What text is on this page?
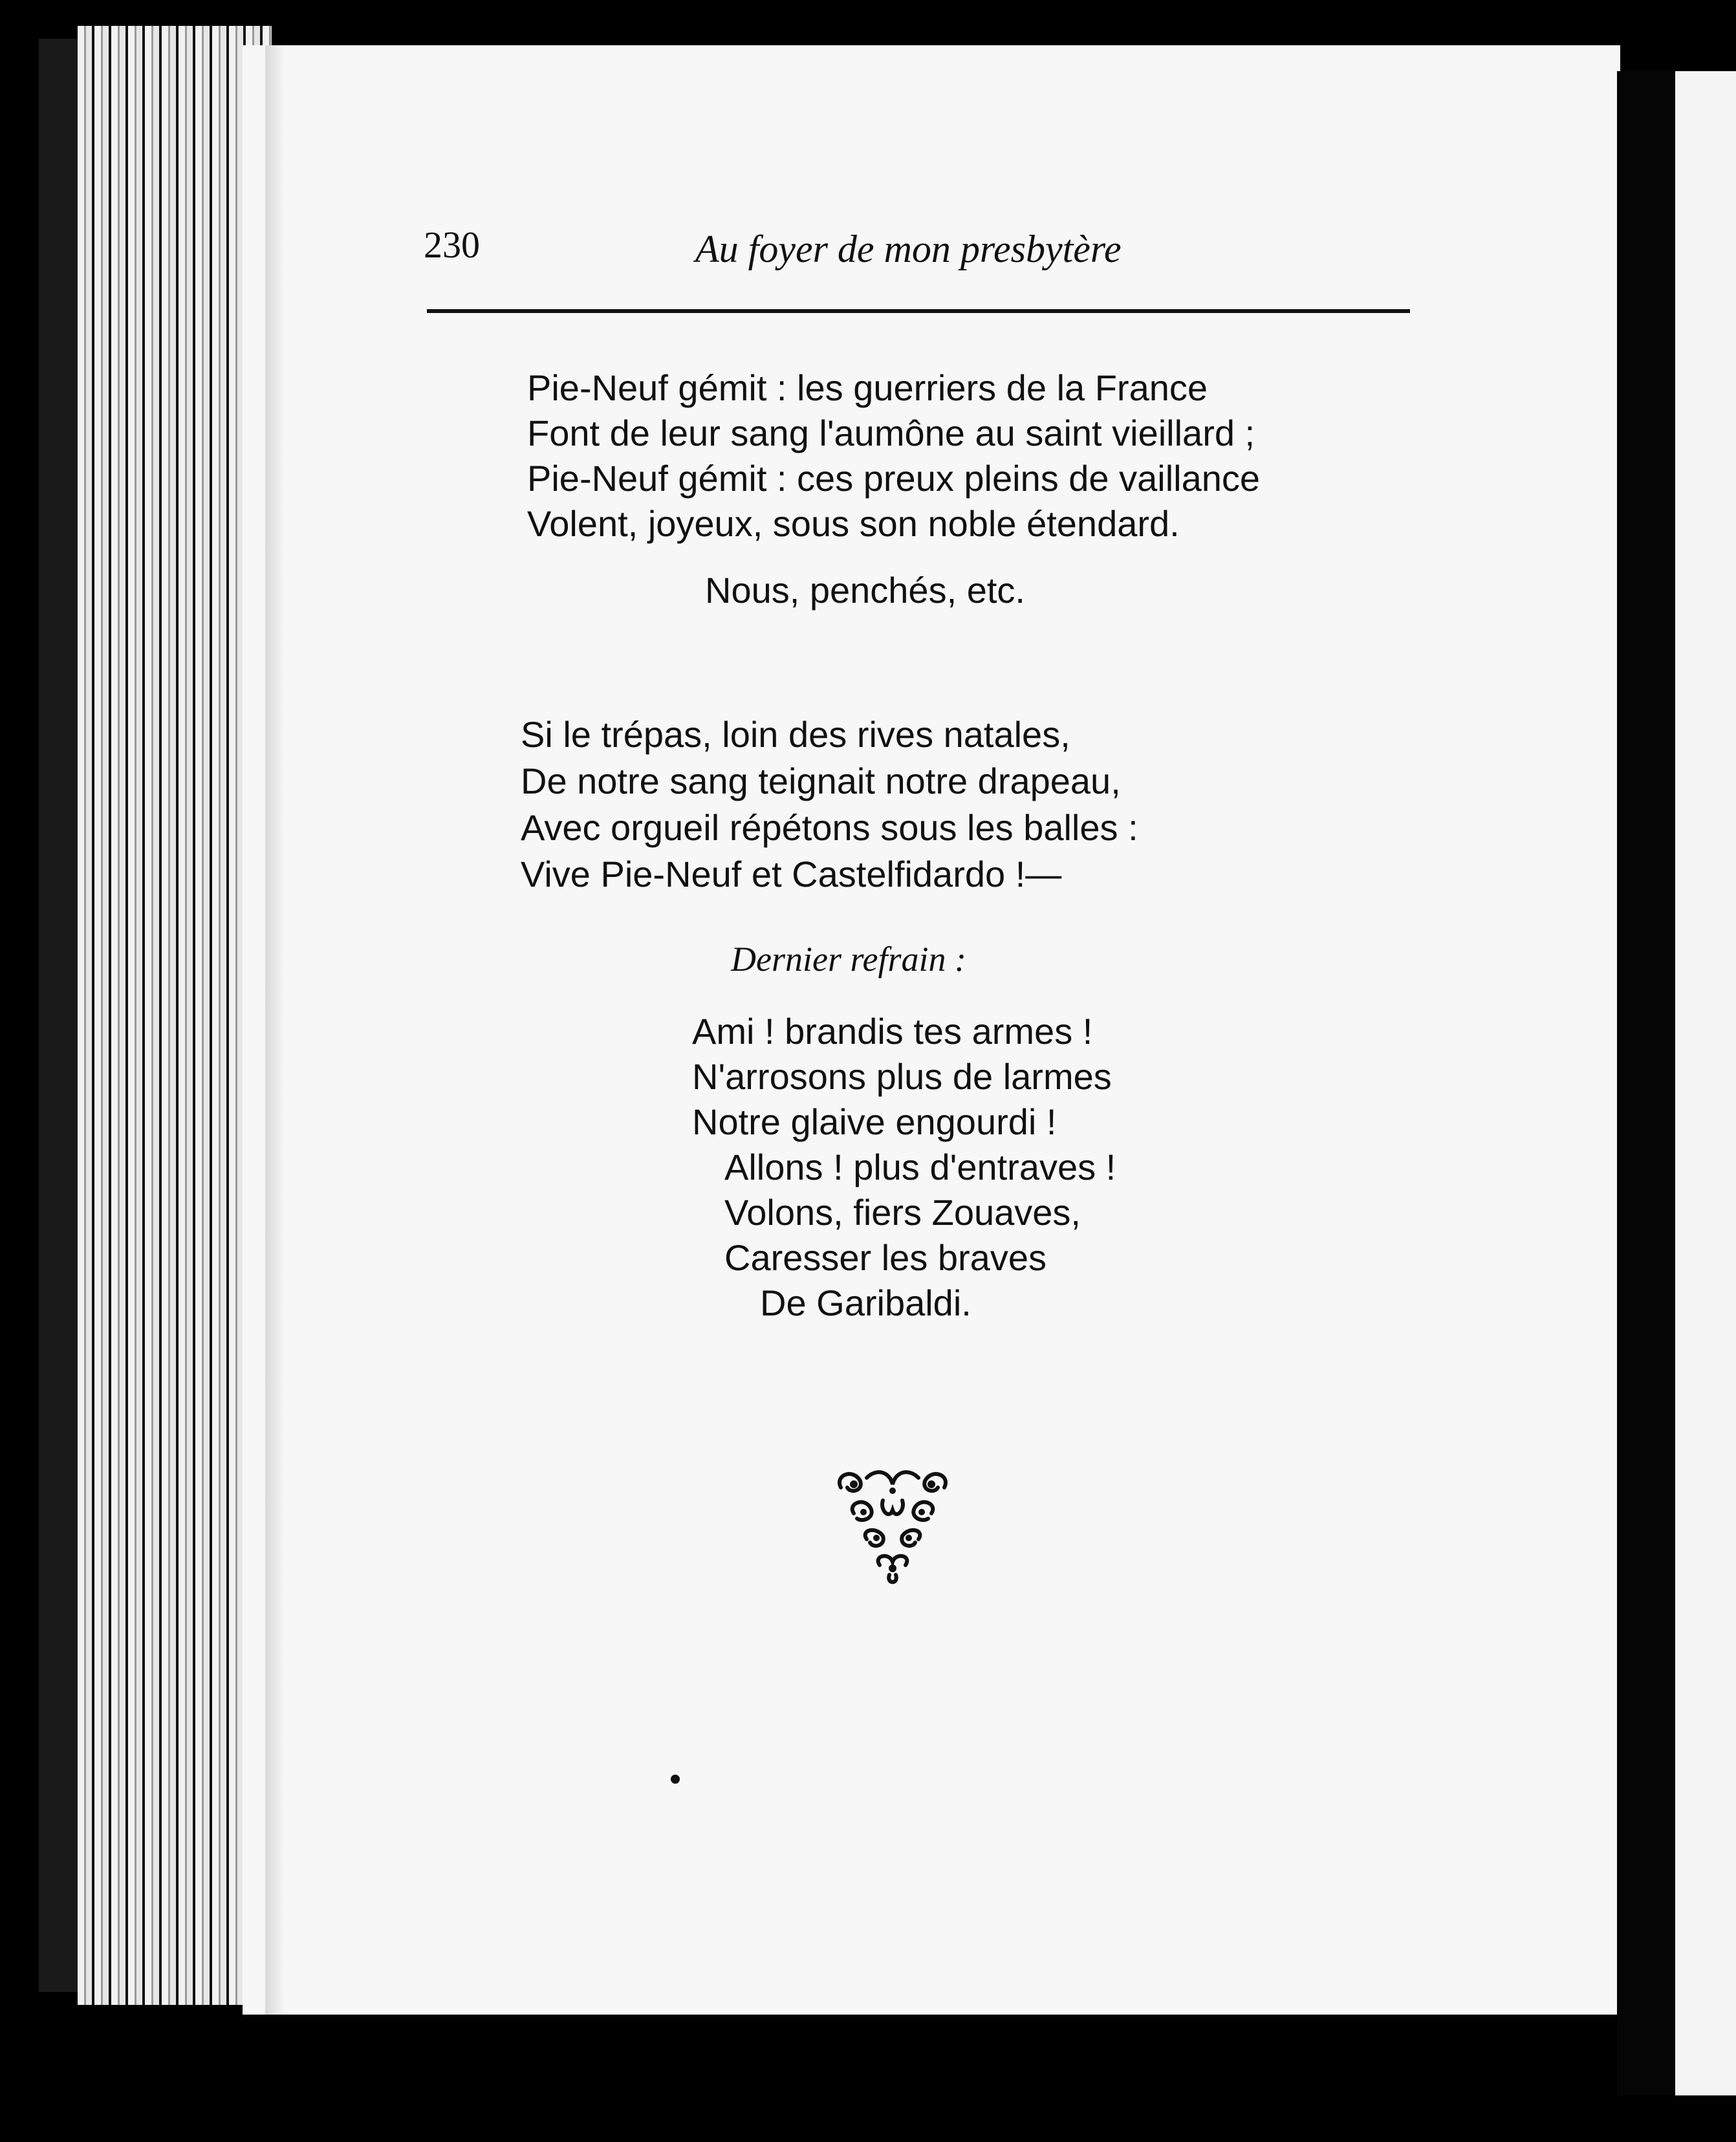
230	Au foyer de mon presbytère
Pie-Neuf gémit : les guerriers de la France
Font de leur sang l'aumône au saint vieillard ;
Pie-Neuf gémit : ces preux pleins de vaillance
Volent, joyeux, sous son noble étendard.
Nous, penchés, etc.
Si le trépas, loin des rives natales,
De notre sang teignait notre drapeau,
Avec orgueil répétons sous les balles :
Vive Pie-Neuf et Castelfidardo !—
Dernier refrain :
Ami ! brandis tes armes !
N'arrosons plus de larmes
Notre glaive engourdi !
Allons ! plus d'entraves !
Volons, fiers Zouaves,
Caresser les braves
De Garibaldi.
